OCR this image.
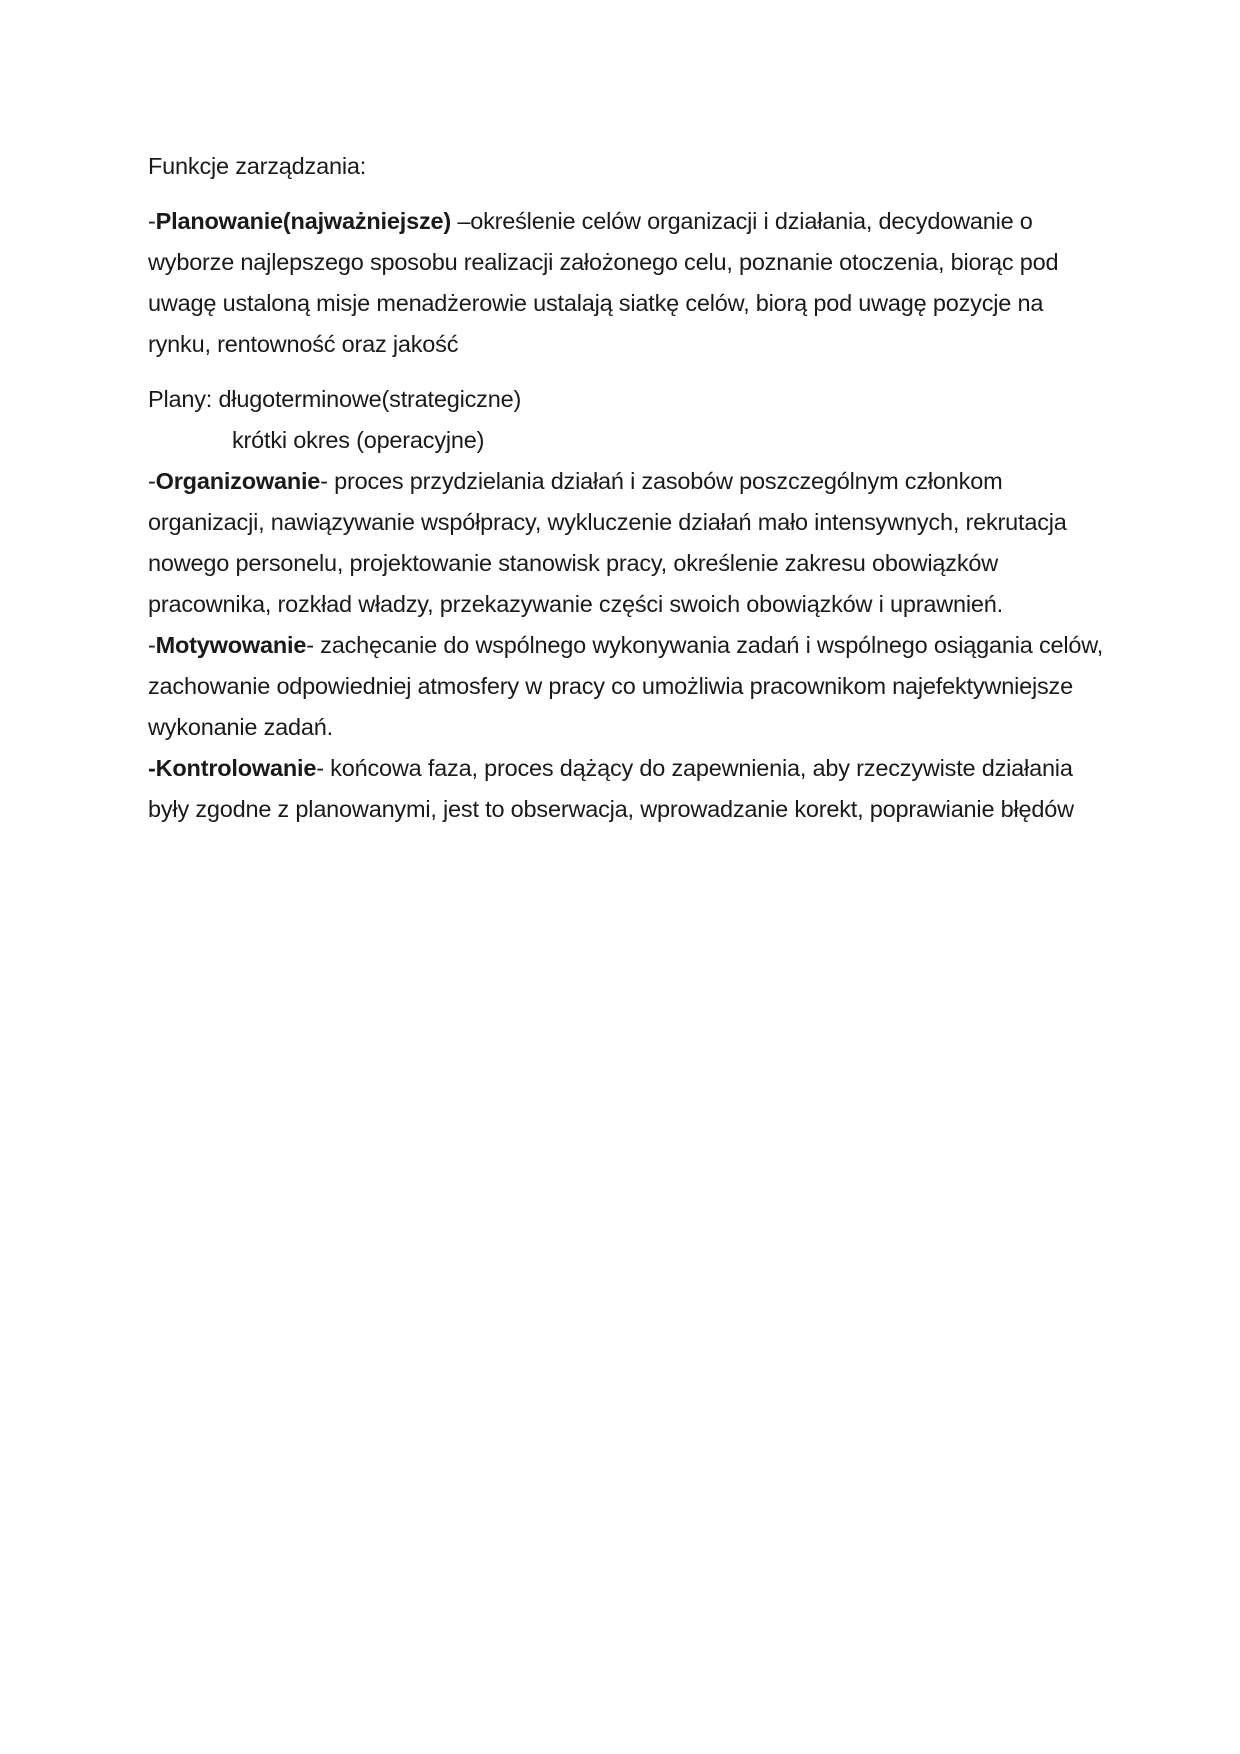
Funkcje zarządzania:

-Planowanie(najważniejsze) –określenie celów organizacji i działania, decydowanie o wyborze najlepszego sposobu realizacji założonego celu, poznanie otoczenia, biorąc pod uwagę ustaloną misje menadżerowie ustalają siatkę celów, biorą pod uwagę pozycje na rynku, rentowność oraz jakość

Plany: długoterminowe(strategiczne)

krótki okres (operacyjne)

-Organizowanie- proces przydzielania działań i zasobów poszczególnym członkom organizacji, nawiązywanie współpracy, wykluczenie działań mało intensywnych, rekrutacja nowego personelu, projektowanie stanowisk pracy, określenie zakresu obowiązków pracownika, rozkład władzy, przekazywanie części swoich obowiązków i uprawnień.

-Motywowanie- zachęcanie do wspólnego wykonywania zadań i wspólnego osiągania celów, zachowanie odpowiedniej atmosfery w pracy co umożliwia pracownikom najefektywniejsze wykonanie zadań.

-Kontrolowanie- końcowa faza, proces dążący do zapewnienia, aby rzeczywiste działania były zgodne z planowanymi, jest to obserwacja, wprowadzanie korekt, poprawianie błędów
